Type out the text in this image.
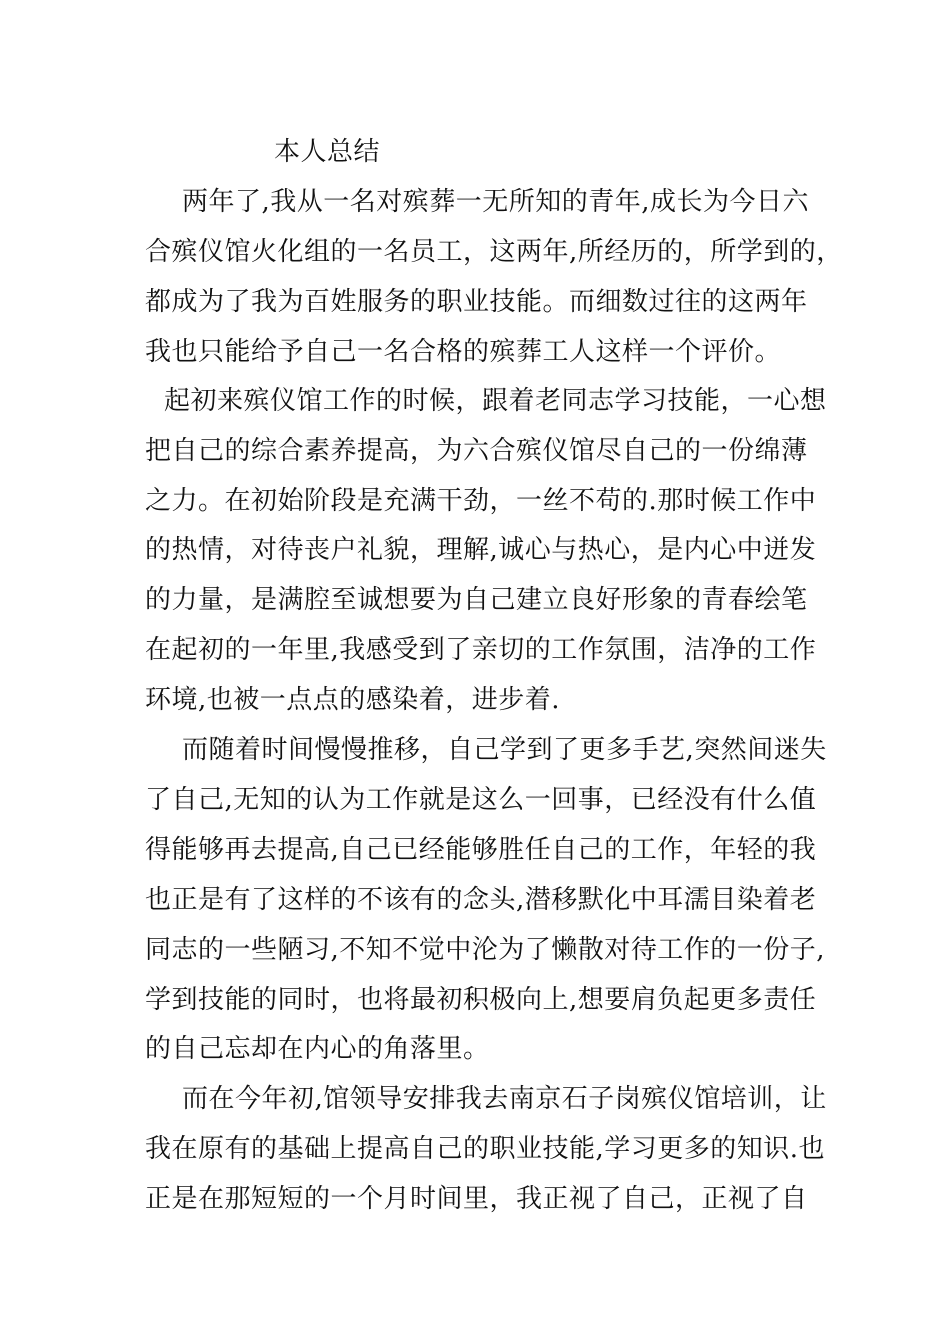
本人总结
两年了,我从一名对殡葬一无所知的青年,成长为今日六
合殡仪馆火化组的一名员工，这两年,所经历的，所学到的，
都成为了我为百姓服务的职业技能。而细数过往的这两年
我也只能给予自己一名合格的殡葬工人这样一个评价。
起初来殡仪馆工作的时候，跟着老同志学习技能，一心想
把自己的综合素养提高，为六合殡仪馆尽自己的一份绵薄
之力。在初始阶段是充满干劲，一丝不苟的.那时候工作中
的热情，对待丧户礼貌，理解,诚心与热心，是内心中迸发
的力量，是满腔至诚想要为自己建立良好形象的青春绘笔
在起初的一年里,我感受到了亲切的工作氛围，洁净的工作
环境,也被一点点的感染着，进步着.
而随着时间慢慢推移，自己学到了更多手艺,突然间迷失
了自己,无知的认为工作就是这么一回事，已经没有什么值
得能够再去提高,自己已经能够胜任自己的工作，年轻的我
也正是有了这样的不该有的念头,潜移默化中耳濡目染着老
同志的一些陋习,不知不觉中沦为了懒散对待工作的一份子,
学到技能的同时，也将最初积极向上,想要肩负起更多责任
的自己忘却在内心的角落里。
而在今年初,馆领导安排我去南京石子岗殡仪馆培训，让
我在原有的基础上提高自己的职业技能,学习更多的知识.也
正是在那短短的一个月时间里，我正视了自己，正视了自
